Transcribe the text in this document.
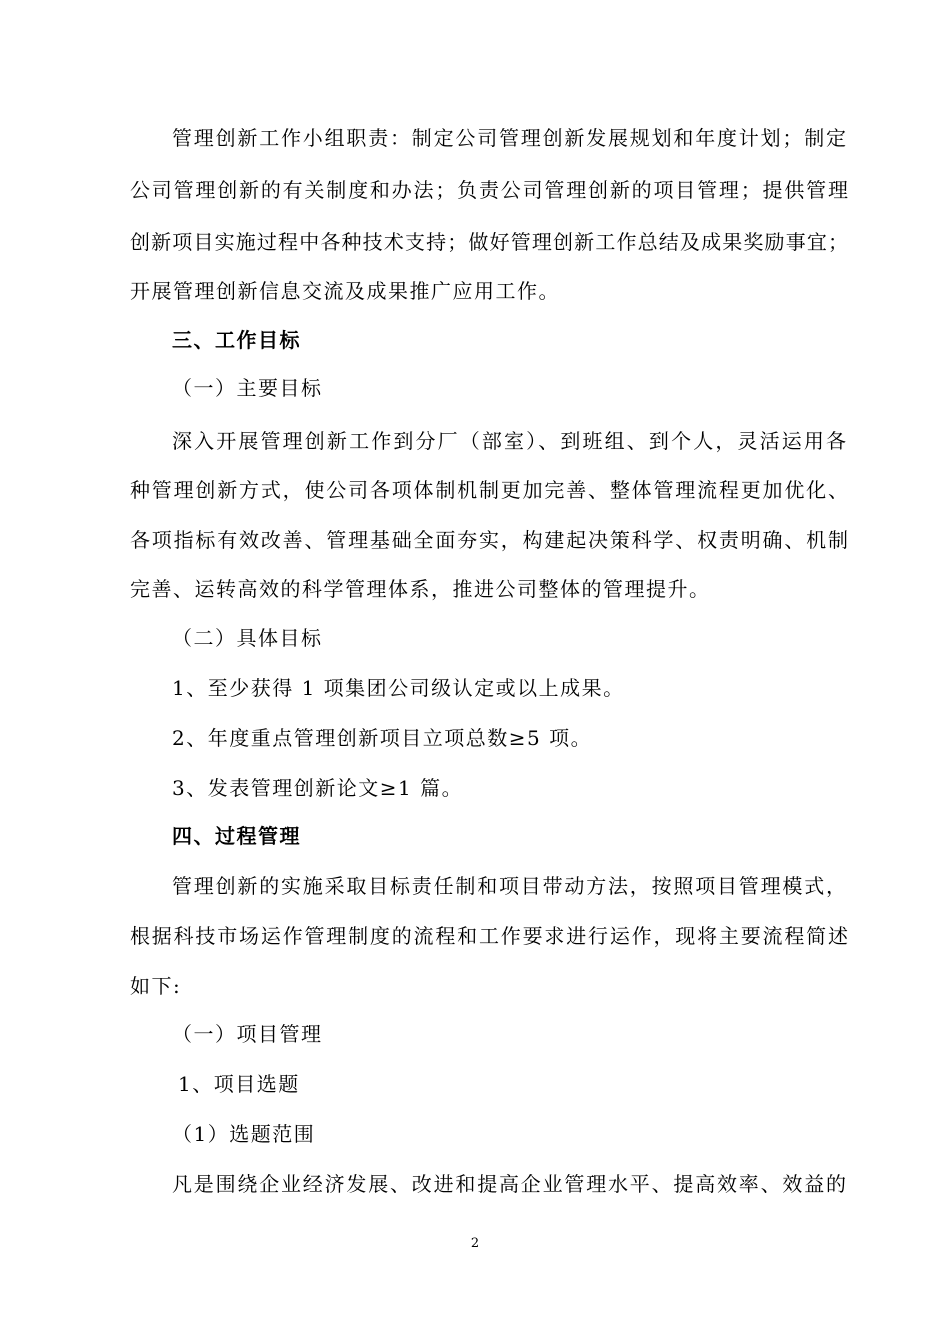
管理创新工作小组职责：制定公司管理创新发展规划和年度计划；制定
公司管理创新的有关制度和办法；负责公司管理创新的项目管理；提供管理
创新项目实施过程中各种技术支持；做好管理创新工作总结及成果奖励事宜；
开展管理创新信息交流及成果推广应用工作。
三、工作目标
（一）主要目标
深入开展管理创新工作到分厂（部室）、到班组、到个人，灵活运用各
种管理创新方式，使公司各项体制机制更加完善、整体管理流程更加优化、
各项指标有效改善、管理基础全面夯实，构建起决策科学、权责明确、机制
完善、运转高效的科学管理体系，推进公司整体的管理提升。
（二）具体目标
1、至少获得 1 项集团公司级认定或以上成果。
2、年度重点管理创新项目立项总数≥5 项。
3、发表管理创新论文≥1 篇。
四、过程管理
管理创新的实施采取目标责任制和项目带动方法，按照项目管理模式，
根据科技市场运作管理制度的流程和工作要求进行运作，现将主要流程简述
如下:
（一）项目管理
1、项目选题
（1）选题范围
凡是围绕企业经济发展、改进和提高企业管理水平、提高效率、效益的
2
